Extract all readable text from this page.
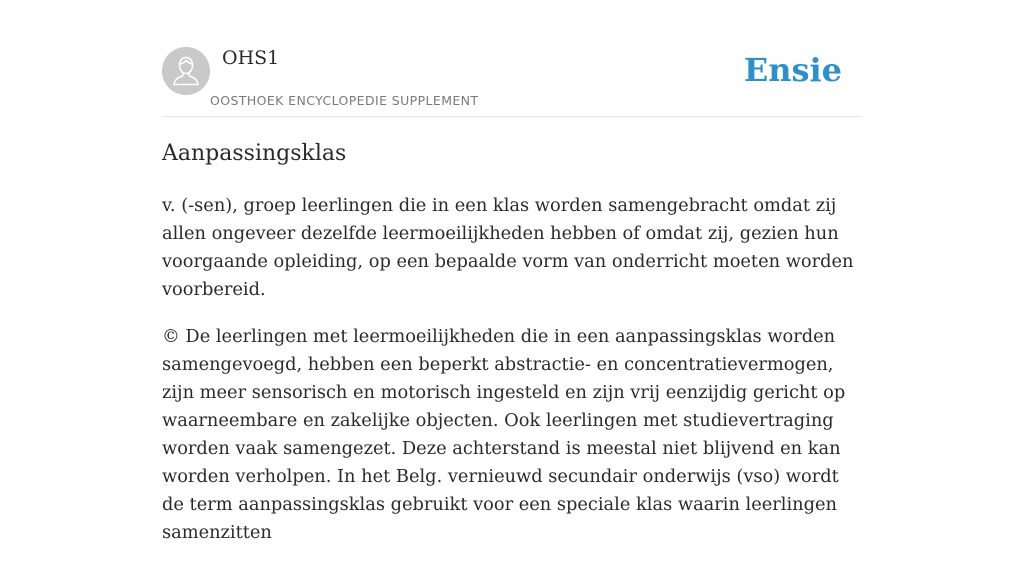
OHS1
OOSTHOEK ENCYCLOPEDIE SUPPLEMENT
Ensie
Aanpassingsklas

v. (-sen), groep leerlingen die in een klas worden samengebracht omdat zij allen ongeveer dezelfde leermoeilijkheden hebben of omdat zij, gezien hun voorgaande opleiding, op een bepaalde vorm van onderricht moeten worden voorbereid.

© De leerlingen met leermoeilijkheden die in een aanpassingsklas worden samengevoegd, hebben een beperkt abstractie- en concentratievermogen, zijn meer sensorisch en motorisch ingesteld en zijn vrij eenzijdig gericht op waarneembare en zakelijke objecten. Ook leerlingen met studievertraging worden vaak samengezet. Deze achterstand is meestal niet blijvend en kan worden verholpen. In het Belg. vernieuwd secundair onderwijs (vso) wordt de term aanpassingsklas gebruikt voor een speciale klas waarin leerlingen samenzitten
